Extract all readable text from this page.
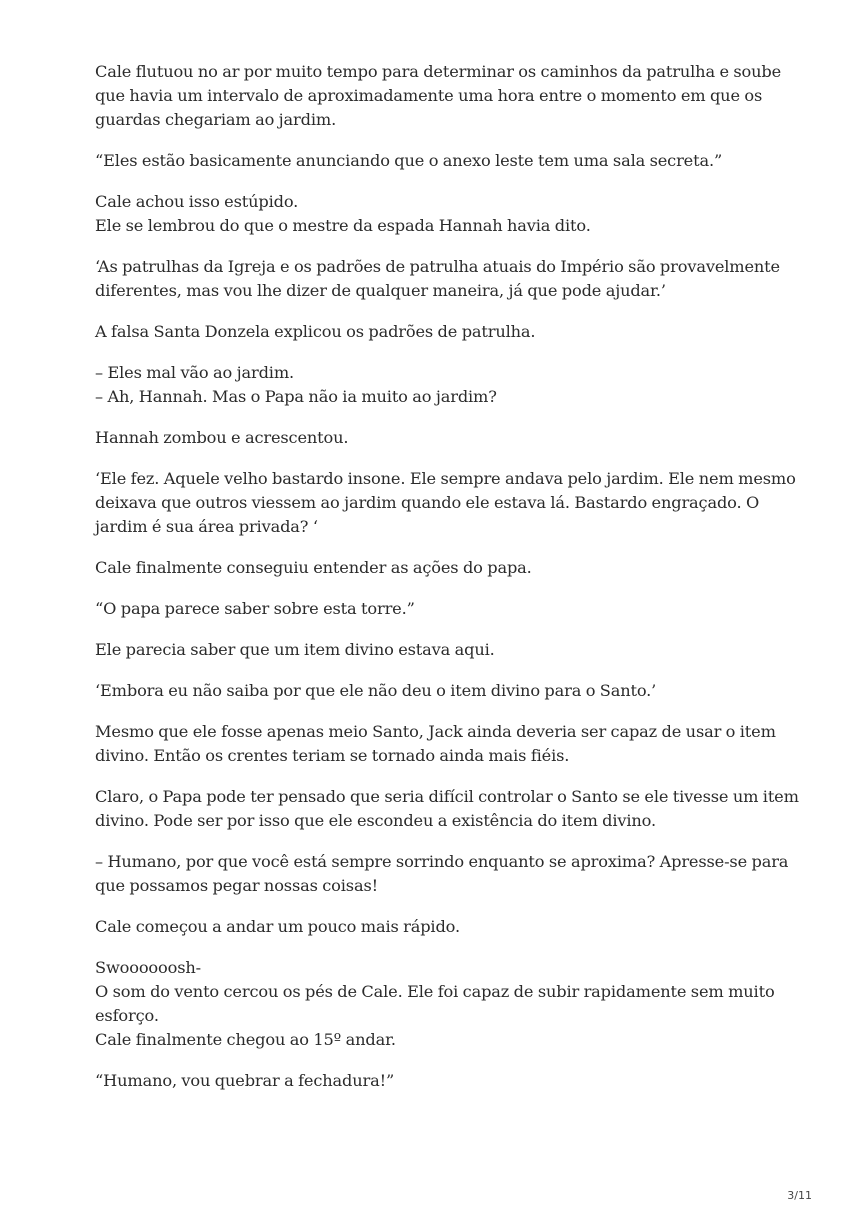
Cale flutuou no ar por muito tempo para determinar os caminhos da patrulha e soube
que havia um intervalo de aproximadamente uma hora entre o momento em que os
guardas chegariam ao jardim.

“Eles estão basicamente anunciando que o anexo leste tem uma sala secreta.”

Cale achou isso estúpido.
Ele se lembrou do que o mestre da espada Hannah havia dito.

‘As patrulhas da Igreja e os padrões de patrulha atuais do Império são provavelmente
diferentes, mas vou lhe dizer de qualquer maneira, já que pode ajudar.’

A falsa Santa Donzela explicou os padrões de patrulha.

– Eles mal vão ao jardim.
– Ah, Hannah. Mas o Papa não ia muito ao jardim?

Hannah zombou e acrescentou.

‘Ele fez. Aquele velho bastardo insone. Ele sempre andava pelo jardim. Ele nem mesmo
deixava que outros viessem ao jardim quando ele estava lá. Bastardo engraçado. O
jardim é sua área privada? ‘

Cale finalmente conseguiu entender as ações do papa.

“O papa parece saber sobre esta torre.”

Ele parecia saber que um item divino estava aqui.

‘Embora eu não saiba por que ele não deu o item divino para o Santo.’

Mesmo que ele fosse apenas meio Santo, Jack ainda deveria ser capaz de usar o item
divino. Então os crentes teriam se tornado ainda mais fiéis.

Claro, o Papa pode ter pensado que seria difícil controlar o Santo se ele tivesse um item
divino. Pode ser por isso que ele escondeu a existência do item divino.

– Humano, por que você está sempre sorrindo enquanto se aproxima? Apresse-se para
que possamos pegar nossas coisas!

Cale começou a andar um pouco mais rápido.

Swoooooosh-
O som do vento cercou os pés de Cale. Ele foi capaz de subir rapidamente sem muito
esforço.
Cale finalmente chegou ao 15º andar.

“Humano, vou quebrar a fechadura!”

3/11
